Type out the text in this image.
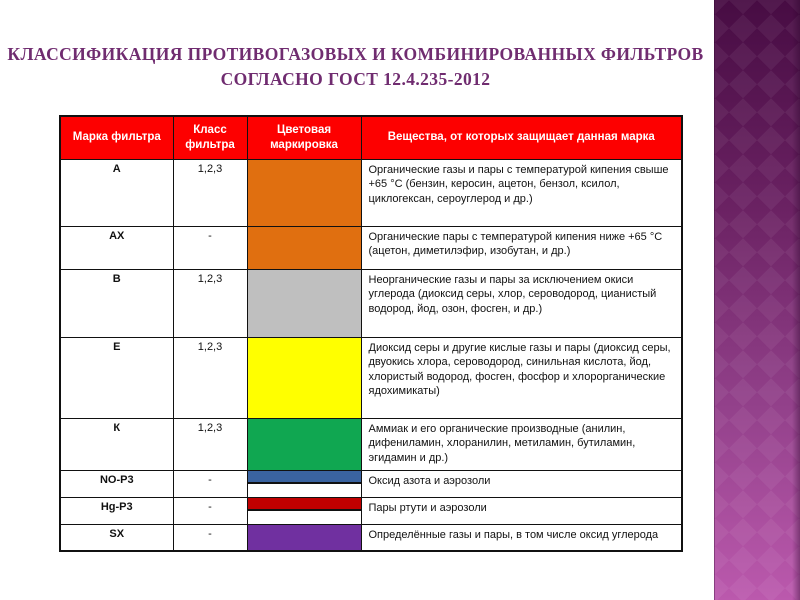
КЛАССИФИКАЦИЯ ПРОТИВОГАЗОВЫХ И КОМБИНИРОВАННЫХ ФИЛЬТРОВ
СОГЛАСНО ГОСТ 12.4.235-2012
Марка фильтра	Класс фильтра	Цветовая маркировка	Вещества, от которых защищает данная марка
А	1,2,3		Органические газы и пары с температурой кипения свыше +65 °С (бензин, керосин, ацетон, бензол, ксилол, циклогексан, сероуглерод и др.)
АХ	-		Органические пары с температурой кипения ниже +65 °С (ацетон, диметилэфир, изобутан, и др.)
В	1,2,3		Неорганические газы и пары за исключением окиси углерода (диоксид серы, хлор, сероводород, цианистый водород, йод, озон, фосген, и др.)
Е	1,2,3		Диоксид серы и другие кислые газы и пары (диоксид серы, двуокись хлора, сероводород, синильная кислота, йод, хлористый водород, фосген, фосфор и хлорорганические ядохимикаты)
К	1,2,3		Аммиак и его органические производные (анилин, дифениламин, хлоранилин, метиламин, бутиламин, эгидамин и др.)
NO-P3	-		Оксид азота и аэрозоли
Hg-P3	-		Пары ртути и аэрозоли
SX	-		Определённые газы и пары, в том числе оксид углерода
